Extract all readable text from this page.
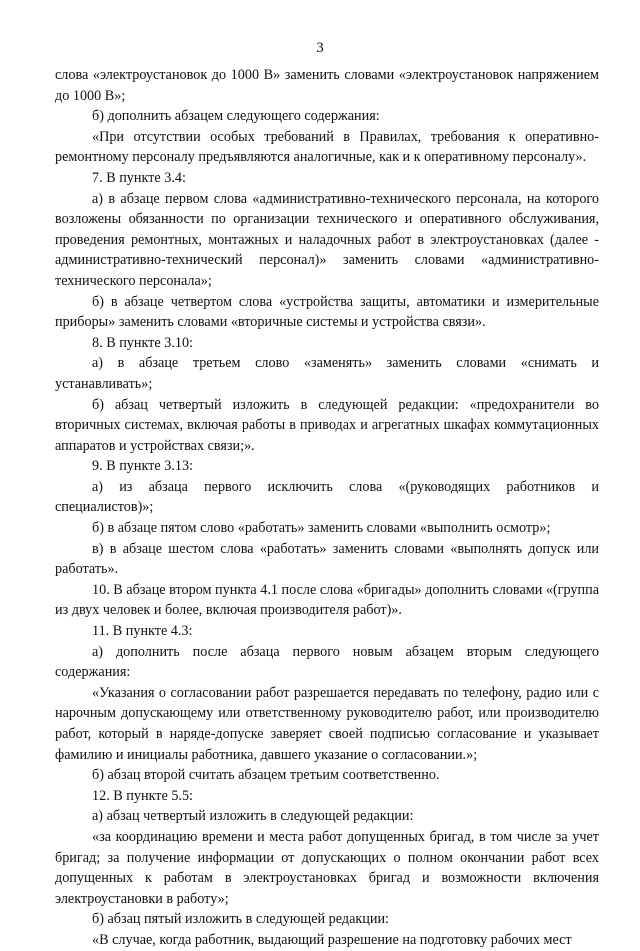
3

слова «электроустановок до 1000 В» заменить словами «электроустановок напряжением до 1000 В»;

б) дополнить абзацем следующего содержания:

«При отсутствии особых требований в Правилах, требования к оперативно-ремонтному персоналу предъявляются аналогичные, как и к оперативному персоналу».

7. В пункте 3.4:

а) в абзаце первом слова «административно-технического персонала, на которого возложены обязанности по организации технического и оперативного обслуживания, проведения ремонтных, монтажных и наладочных работ в электроустановках (далее - административно-технический персонал)» заменить словами «административно-технического персонала»;

б) в абзаце четвертом слова «устройства защиты, автоматики и измерительные приборы» заменить словами «вторичные системы и устройства связи».

8. В пункте 3.10:

а) в абзаце третьем слово «заменять» заменить словами «снимать и устанавливать»;

б) абзац четвертый изложить в следующей редакции: «предохранители во вторичных системах, включая работы в приводах и агрегатных шкафах коммутационных аппаратов и устройствах связи;».

9. В пункте 3.13:

а) из абзаца первого исключить слова «(руководящих работников и специалистов)»;

б) в абзаце пятом слово «работать» заменить словами «выполнить осмотр»;

в) в абзаце шестом слова «работать» заменить словами «выполнять допуск или работать».

10. В абзаце втором пункта 4.1 после слова «бригады» дополнить словами «(группа из двух человек и более, включая производителя работ)».

11. В пункте 4.3:

а) дополнить после абзаца первого новым абзацем вторым следующего содержания:

«Указания о согласовании работ разрешается передавать по телефону, радио или с нарочным допускающему или ответственному руководителю работ, или производителю работ, который в наряде-допуске заверяет своей подписью согласование и указывает фамилию и инициалы работника, давшего указание о согласовании.»;

б) абзац второй считать абзацем третьим соответственно.

12. В пункте 5.5:

а) абзац четвертый изложить в следующей редакции:

«за координацию времени и места работ допущенных бригад, в том числе за учет бригад; за получение информации от допускающих о полном окончании работ всех допущенных к работам в электроустановках бригад и возможности включения электроустановки в работу»;

б) абзац пятый изложить в следующей редакции:

«В случае, когда работник, выдающий разрешение на подготовку рабочих мест
